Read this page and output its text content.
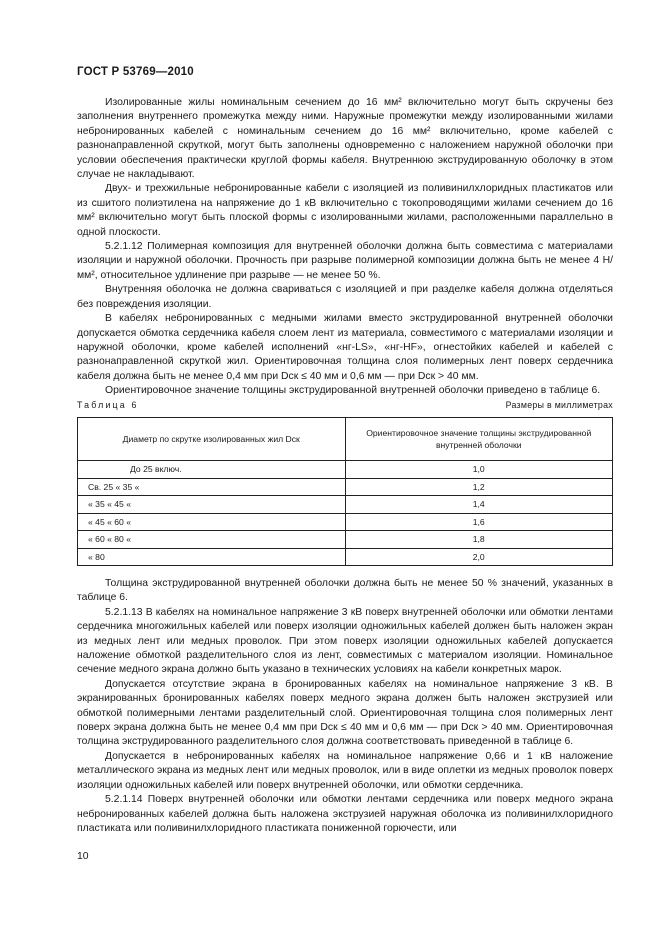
ГОСТ Р 53769—2010

Изолированные жилы номинальным сечением до 16 мм² включительно могут быть скручены без заполнения внутреннего промежутка между ними. Наружные промежутки между изолированными жилами небронированных кабелей с номинальным сечением до 16 мм² включительно, кроме кабелей с разнонаправленной скруткой, могут быть заполнены одновременно с наложением наружной оболочки при условии обеспечения практически круглой формы кабеля. Внутреннюю экструдированную оболочку в этом случае не накладывают.

Двух- и трехжильные небронированные кабели с изоляцией из поливинилхлоридных пластикатов или из сшитого полиэтилена на напряжение до 1 кВ включительно с токопроводящими жилами сечением до 16 мм² включительно могут быть плоской формы с изолированными жилами, расположенными параллельно в одной плоскости.

5.2.1.12 Полимерная композиция для внутренней оболочки должна быть совместима с материалами изоляции и наружной оболочки. Прочность при разрыве полимерной композиции должна быть не менее 4 Н/мм², относительное удлинение при разрыве — не менее 50 %.

Внутренняя оболочка не должна свариваться с изоляцией и при разделке кабеля должна отделяться без повреждения изоляции.

В кабелях небронированных с медными жилами вместо экструдированной внутренней оболочки допускается обмотка сердечника кабеля слоем лент из материала, совместимого с материалами изоляции и наружной оболочки, кроме кабелей исполнений «нг-LS», «нг-HF», огнестойких кабелей и кабелей с разнонаправленной скруткой жил. Ориентировочная толщина слоя полимерных лент поверх сердечника кабеля должна быть не менее 0,4 мм при Dск ≤ 40 мм и 0,6 мм — при Dск > 40 мм.

Ориентировочное значение толщины экструдированной внутренней оболочки приведено в таблице 6.

Таблица 6	Размеры в миллиметрах
Диаметр по скрутке изолированных жил Dск	Ориентировочное значение толщины экструдированной внутренней оболочки
До 25 включ.	1,0
Св. 25 « 35 «	1,2
« 35 « 45 «	1,4
« 45 « 60 «	1,6
« 60 « 80 «	1,8
« 80	2,0

Толщина экструдированной внутренней оболочки должна быть не менее 50 % значений, указанных в таблице 6.

5.2.1.13 В кабелях на номинальное напряжение 3 кВ поверх внутренней оболочки или обмотки лентами сердечника многожильных кабелей или поверх изоляции одножильных кабелей должен быть наложен экран из медных лент или медных проволок. При этом поверх изоляции одножильных кабелей допускается наложение обмоткой разделительного слоя из лент, совместимых с материалом изоляции. Номинальное сечение медного экрана должно быть указано в технических условиях на кабели конкретных марок.

Допускается отсутствие экрана в бронированных кабелях на номинальное напряжение 3 кВ. В экранированных бронированных кабелях поверх медного экрана должен быть наложен экструзией или обмоткой полимерными лентами разделительный слой. Ориентировочная толщина слоя полимерных лент поверх экрана должна быть не менее 0,4 мм при Dск ≤ 40 мм и 0,6 мм — при Dск > 40 мм. Ориентировочная толщина экструдированного разделительного слоя должна соответствовать приведенной в таблице 6.

Допускается в небронированных кабелях на номинальное напряжение 0,66 и 1 кВ наложение металлического экрана из медных лент или медных проволок, или в виде оплетки из медных проволок поверх изоляции одножильных кабелей или поверх внутренней оболочки, или обмотки сердечника.

5.2.1.14 Поверх внутренней оболочки или обмотки лентами сердечника или поверх медного экрана небронированных кабелей должна быть наложена экструзией наружная оболочка из поливинилхлоридного пластиката или поливинилхлоридного пластиката пониженной горючести, или

10
